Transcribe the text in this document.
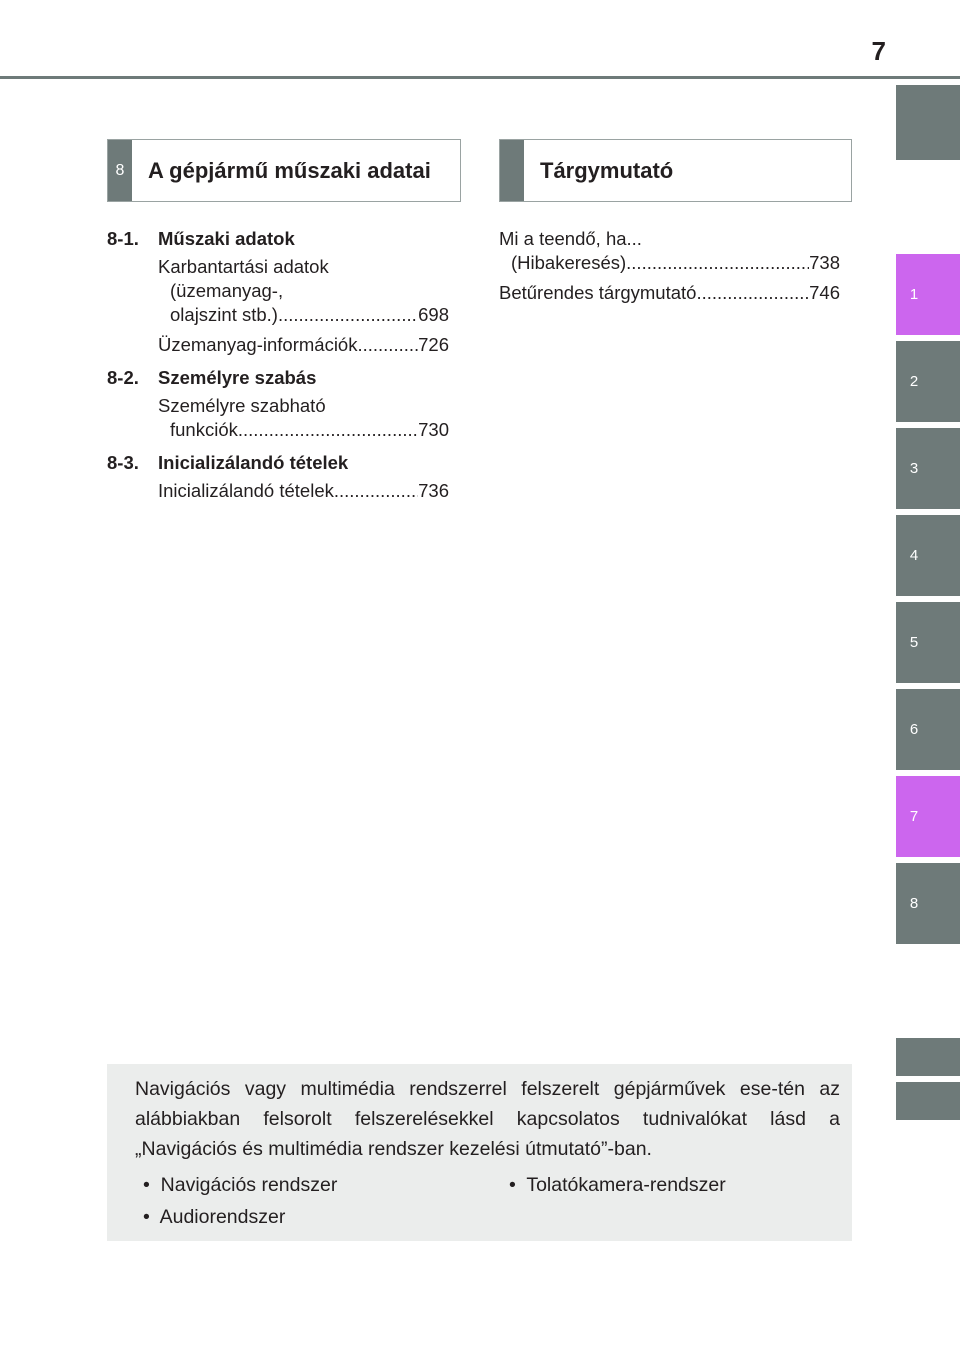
7
1
2
3
4
5
6
7
8
8	A gépjármű műszaki adatai	Tárgymutató
8-1. Műszaki adatok
Karbantartási adatok
(üzemanyag-,
olajszint stb.) .....	698
Üzemanyag-információk .....	726
8-2. Személyre szabás
Személyre szabható
funkciók .....	730
8-3. Inicializálandó tételek
Inicializálandó tételek .....	736
Mi a teendő, ha...
(Hibakeresés) .....	738
Betűrendes tárgymutató .....	746
Navigációs vagy multimédia rendszerrel felszerelt gépjárművek ese-tén az alábbiakban felsorolt felszerelésekkel kapcsolatos tudnivalókat lásd a „Navigációs és multimédia rendszer kezelési útmutató”-ban.
•  Navigációs rendszer
•  Audiorendszer
•  Tolatókamera-rendszer
